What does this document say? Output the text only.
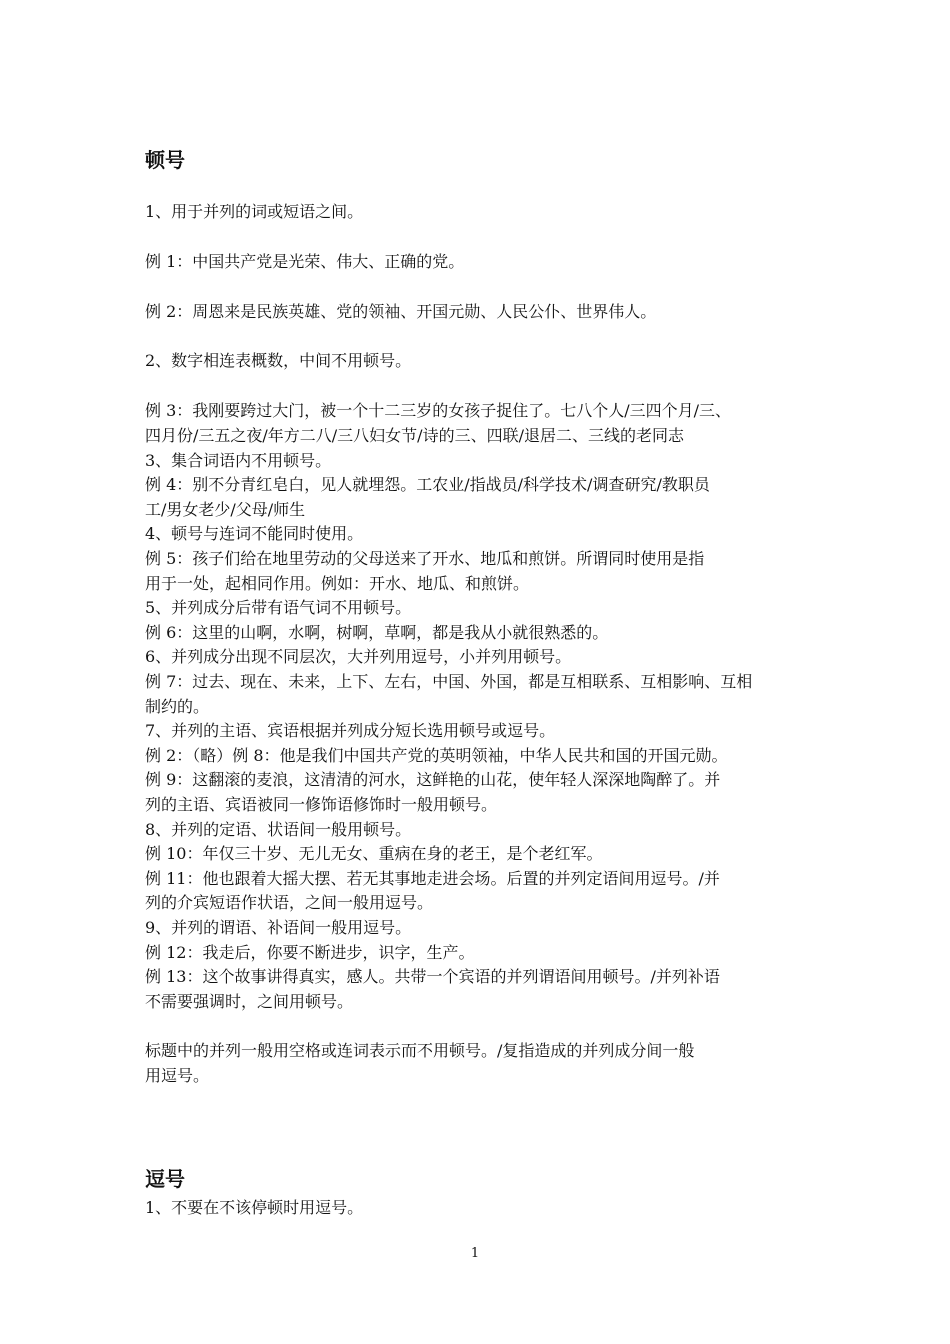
顿号
1、用于并列的词或短语之间。
例 1：中国共产党是光荣、伟大、正确的党。
例 2：周恩来是民族英雄、党的领袖、开国元勋、人民公仆、世界伟人。
2、数字相连表概数，中间不用顿号。
例 3：我刚要跨过大门，被一个十二三岁的女孩子捉住了。七八个人/三四个月/三、
四月份/三五之夜/年方二八/三八妇女节/诗的三、四联/退居二、三线的老同志
3、集合词语内不用顿号。
例 4：别不分青红皂白，见人就埋怨。工农业/指战员/科学技术/调查研究/教职员
工/男女老少/父母/师生
4、顿号与连词不能同时使用。
例 5：孩子们给在地里劳动的父母送来了开水、地瓜和煎饼。所谓同时使用是指
用于一处，起相同作用。例如：开水、地瓜、和煎饼。
5、并列成分后带有语气词不用顿号。
例 6：这里的山啊，水啊，树啊，草啊，都是我从小就很熟悉的。
6、并列成分出现不同层次，大并列用逗号，小并列用顿号。
例 7：过去、现在、未来，上下、左右，中国、外国，都是互相联系、互相影响、互相
制约的。
7、并列的主语、宾语根据并列成分短长选用顿号或逗号。
例 2：（略）例 8：他是我们中国共产党的英明领袖，中华人民共和国的开国元勋。
例 9：这翻滚的麦浪，这清清的河水，这鲜艳的山花，使年轻人深深地陶醉了。并
列的主语、宾语被同一修饰语修饰时一般用顿号。
8、并列的定语、状语间一般用顿号。
例 10：年仅三十岁、无儿无女、重病在身的老王，是个老红军。
例 11：他也跟着大摇大摆、若无其事地走进会场。后置的并列定语间用逗号。/并
列的介宾短语作状语，之间一般用逗号。
9、并列的谓语、补语间一般用逗号。
例 12：我走后，你要不断进步，识字，生产。
例 13：这个故事讲得真实，感人。共带一个宾语的并列谓语间用顿号。/并列补语
不需要强调时，之间用顿号。
标题中的并列一般用空格或连词表示而不用顿号。/复指造成的并列成分间一般
用逗号。
逗号
1、不要在不该停顿时用逗号。
1
